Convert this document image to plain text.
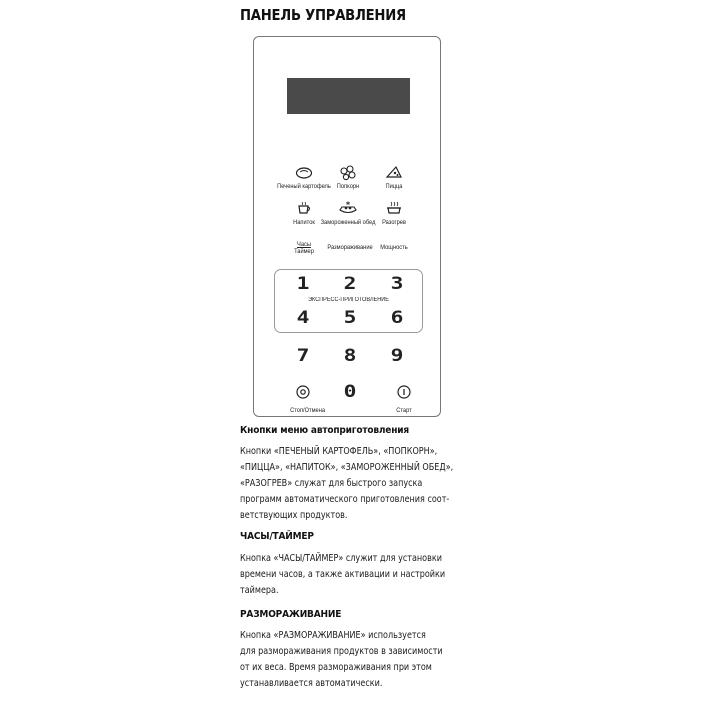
ПАНЕЛЬ УПРАВЛЕНИЯ
Печеный картофель Попкорн	Пицца
Напиток Замороженный обед	Разогрев
Часы
Таймер
Размораживание	Мощность
1	2	3
ЭКСПРЕСС-ПРИГОТОВЛЕНИЕ
4	5	6
7	8	9
Стоп/Отмена
0
Старт
Кнопки меню автоприготовления
Кнопки «ПЕЧЕНЫЙ КАРТОФЕЛЬ», «ПОПКОРН»,
«ПИЦЦА», «НАПИТОК», «ЗАМОРОЖЕННЫЙ ОБЕД»,
«РАЗОГРЕВ» служат для быстрого запуска
программ автоматического приготовления соот-
ветствующих продуктов.
ЧАСЫ/ТАЙМЕР
Кнопка «ЧАСЫ/ТАЙМЕР» служит для установки
времени часов, а также активации и настройки
таймера.
РАЗМОРАЖИВАНИЕ
Кнопка «РАЗМОРАЖИВАНИЕ» используется
для размораживания продуктов в зависимости
от их веса. Время размораживания при этом
устанавливается автоматически.
